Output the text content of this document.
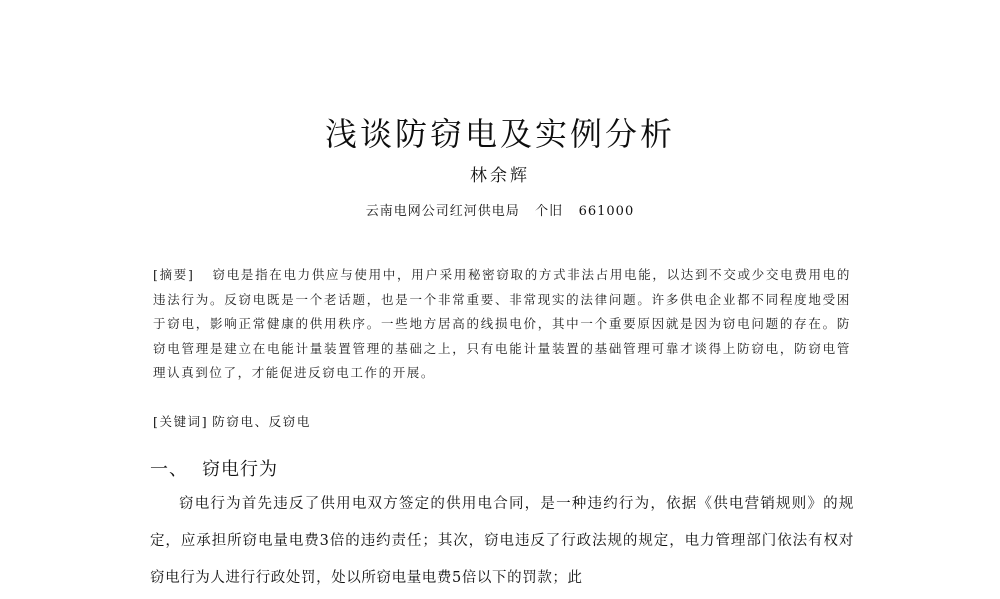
浅谈防窃电及实例分析
林余辉
云南电网公司红河供电局 个旧 661000
[摘要] 窃电是指在电力供应与使用中，用户采用秘密窃取的方式非法占用电能，以达到不交或少交电费用电的违法行为。反窃电既是一个老话题，也是一个非常重要、非常现实的法律问题。许多供电企业都不同程度地受困于窃电，影响正常健康的供用秩序。一些地方居高的线损电价，其中一个重要原因就是因为窃电问题的存在。防窃电管理是建立在电能计量装置管理的基础之上，只有电能计量装置的基础管理可靠才谈得上防窃电，防窃电管理认真到位了，才能促进反窃电工作的开展。
[关键词] 防窃电、反窃电
一、 窃电行为
窃电行为首先违反了供用电双方签定的供用电合同，是一种违约行为，依据《供电营销规则》的规定，应承担所窃电量电费3倍的违约责任；其次，窃电违反了行政法规的规定，电力管理部门依法有权对窃电行为人进行行政处罚，处以所窃电量电费5倍以下的罚款；此
